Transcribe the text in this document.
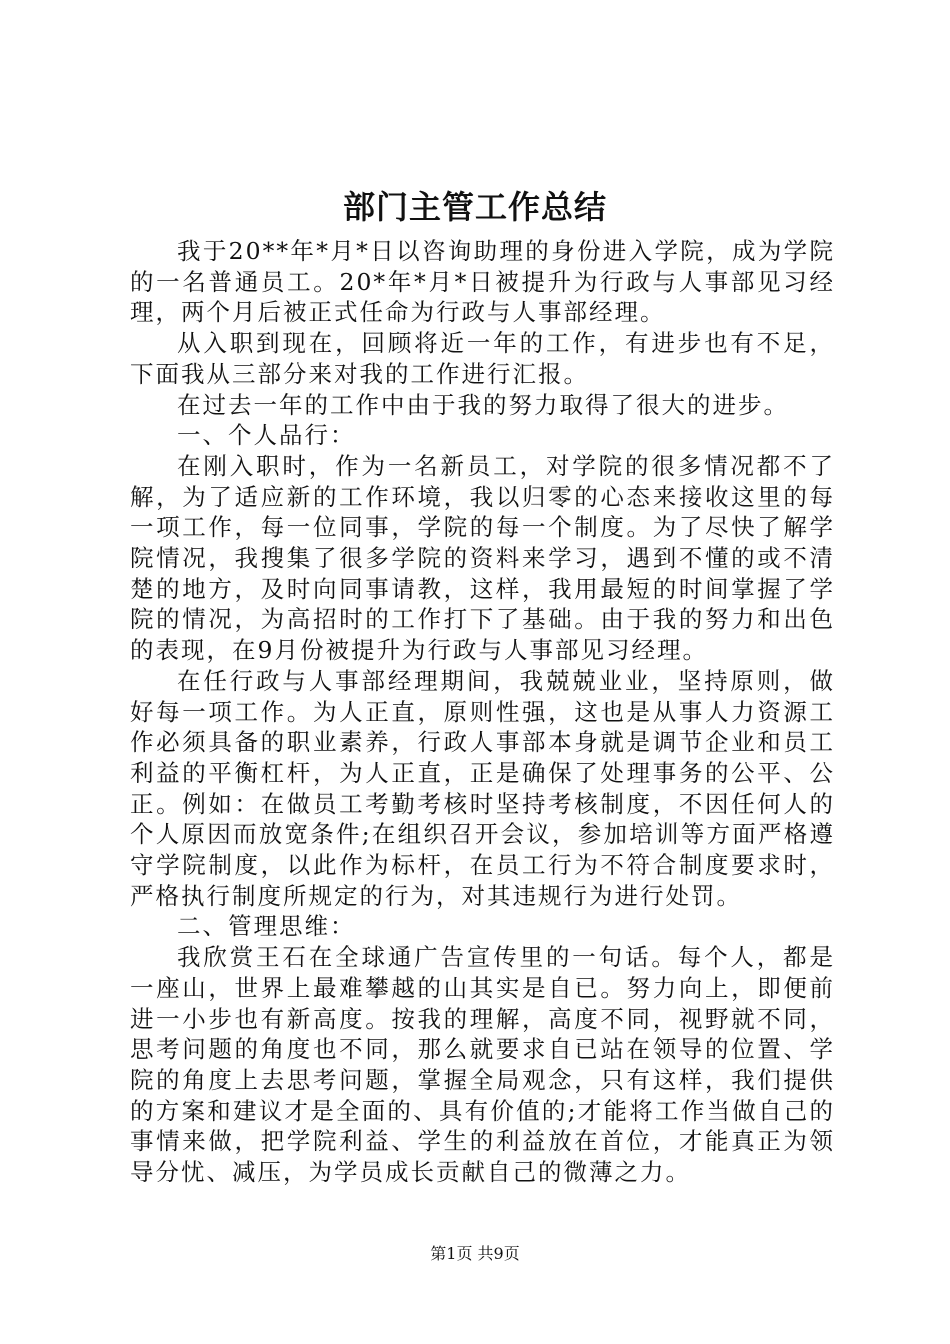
部门主管工作总结

我于20**年*月*日以咨询助理的身份进入学院，成为学院的一名普通员工。20*年*月*日被提升为行政与人事部见习经理，两个月后被正式任命为行政与人事部经理。

从入职到现在，回顾将近一年的工作，有进步也有不足，下面我从三部分来对我的工作进行汇报。

在过去一年的工作中由于我的努力取得了很大的进步。

一、个人品行：

在刚入职时，作为一名新员工，对学院的很多情况都不了解，为了适应新的工作环境，我以归零的心态来接收这里的每一项工作，每一位同事，学院的每一个制度。为了尽快了解学院情况，我搜集了很多学院的资料来学习，遇到不懂的或不清楚的地方，及时向同事请教，这样，我用最短的时间掌握了学院的情况，为高招时的工作打下了基础。由于我的努力和出色的表现，在9月份被提升为行政与人事部见习经理。

在任行政与人事部经理期间，我兢兢业业，坚持原则，做好每一项工作。为人正直，原则性强，这也是从事人力资源工作必须具备的职业素养，行政人事部本身就是调节企业和员工利益的平衡杠杆，为人正直，正是确保了处理事务的公平、公正。例如：在做员工考勤考核时坚持考核制度，不因任何人的个人原因而放宽条件;在组织召开会议，参加培训等方面严格遵守学院制度，以此作为标杆，在员工行为不符合制度要求时，严格执行制度所规定的行为，对其违规行为进行处罚。

二、管理思维：

我欣赏王石在全球通广告宣传里的一句话。每个人，都是一座山，世界上最难攀越的山其实是自已。努力向上，即便前进一小步也有新高度。按我的理解，高度不同，视野就不同，思考问题的角度也不同，那么就要求自已站在领导的位置、学院的角度上去思考问题，掌握全局观念，只有这样，我们提供的方案和建议才是全面的、具有价值的;才能将工作当做自己的事情来做，把学院利益、学生的利益放在首位，才能真正为领导分忧、减压，为学员成长贡献自己的微薄之力。

第1页 共9页
